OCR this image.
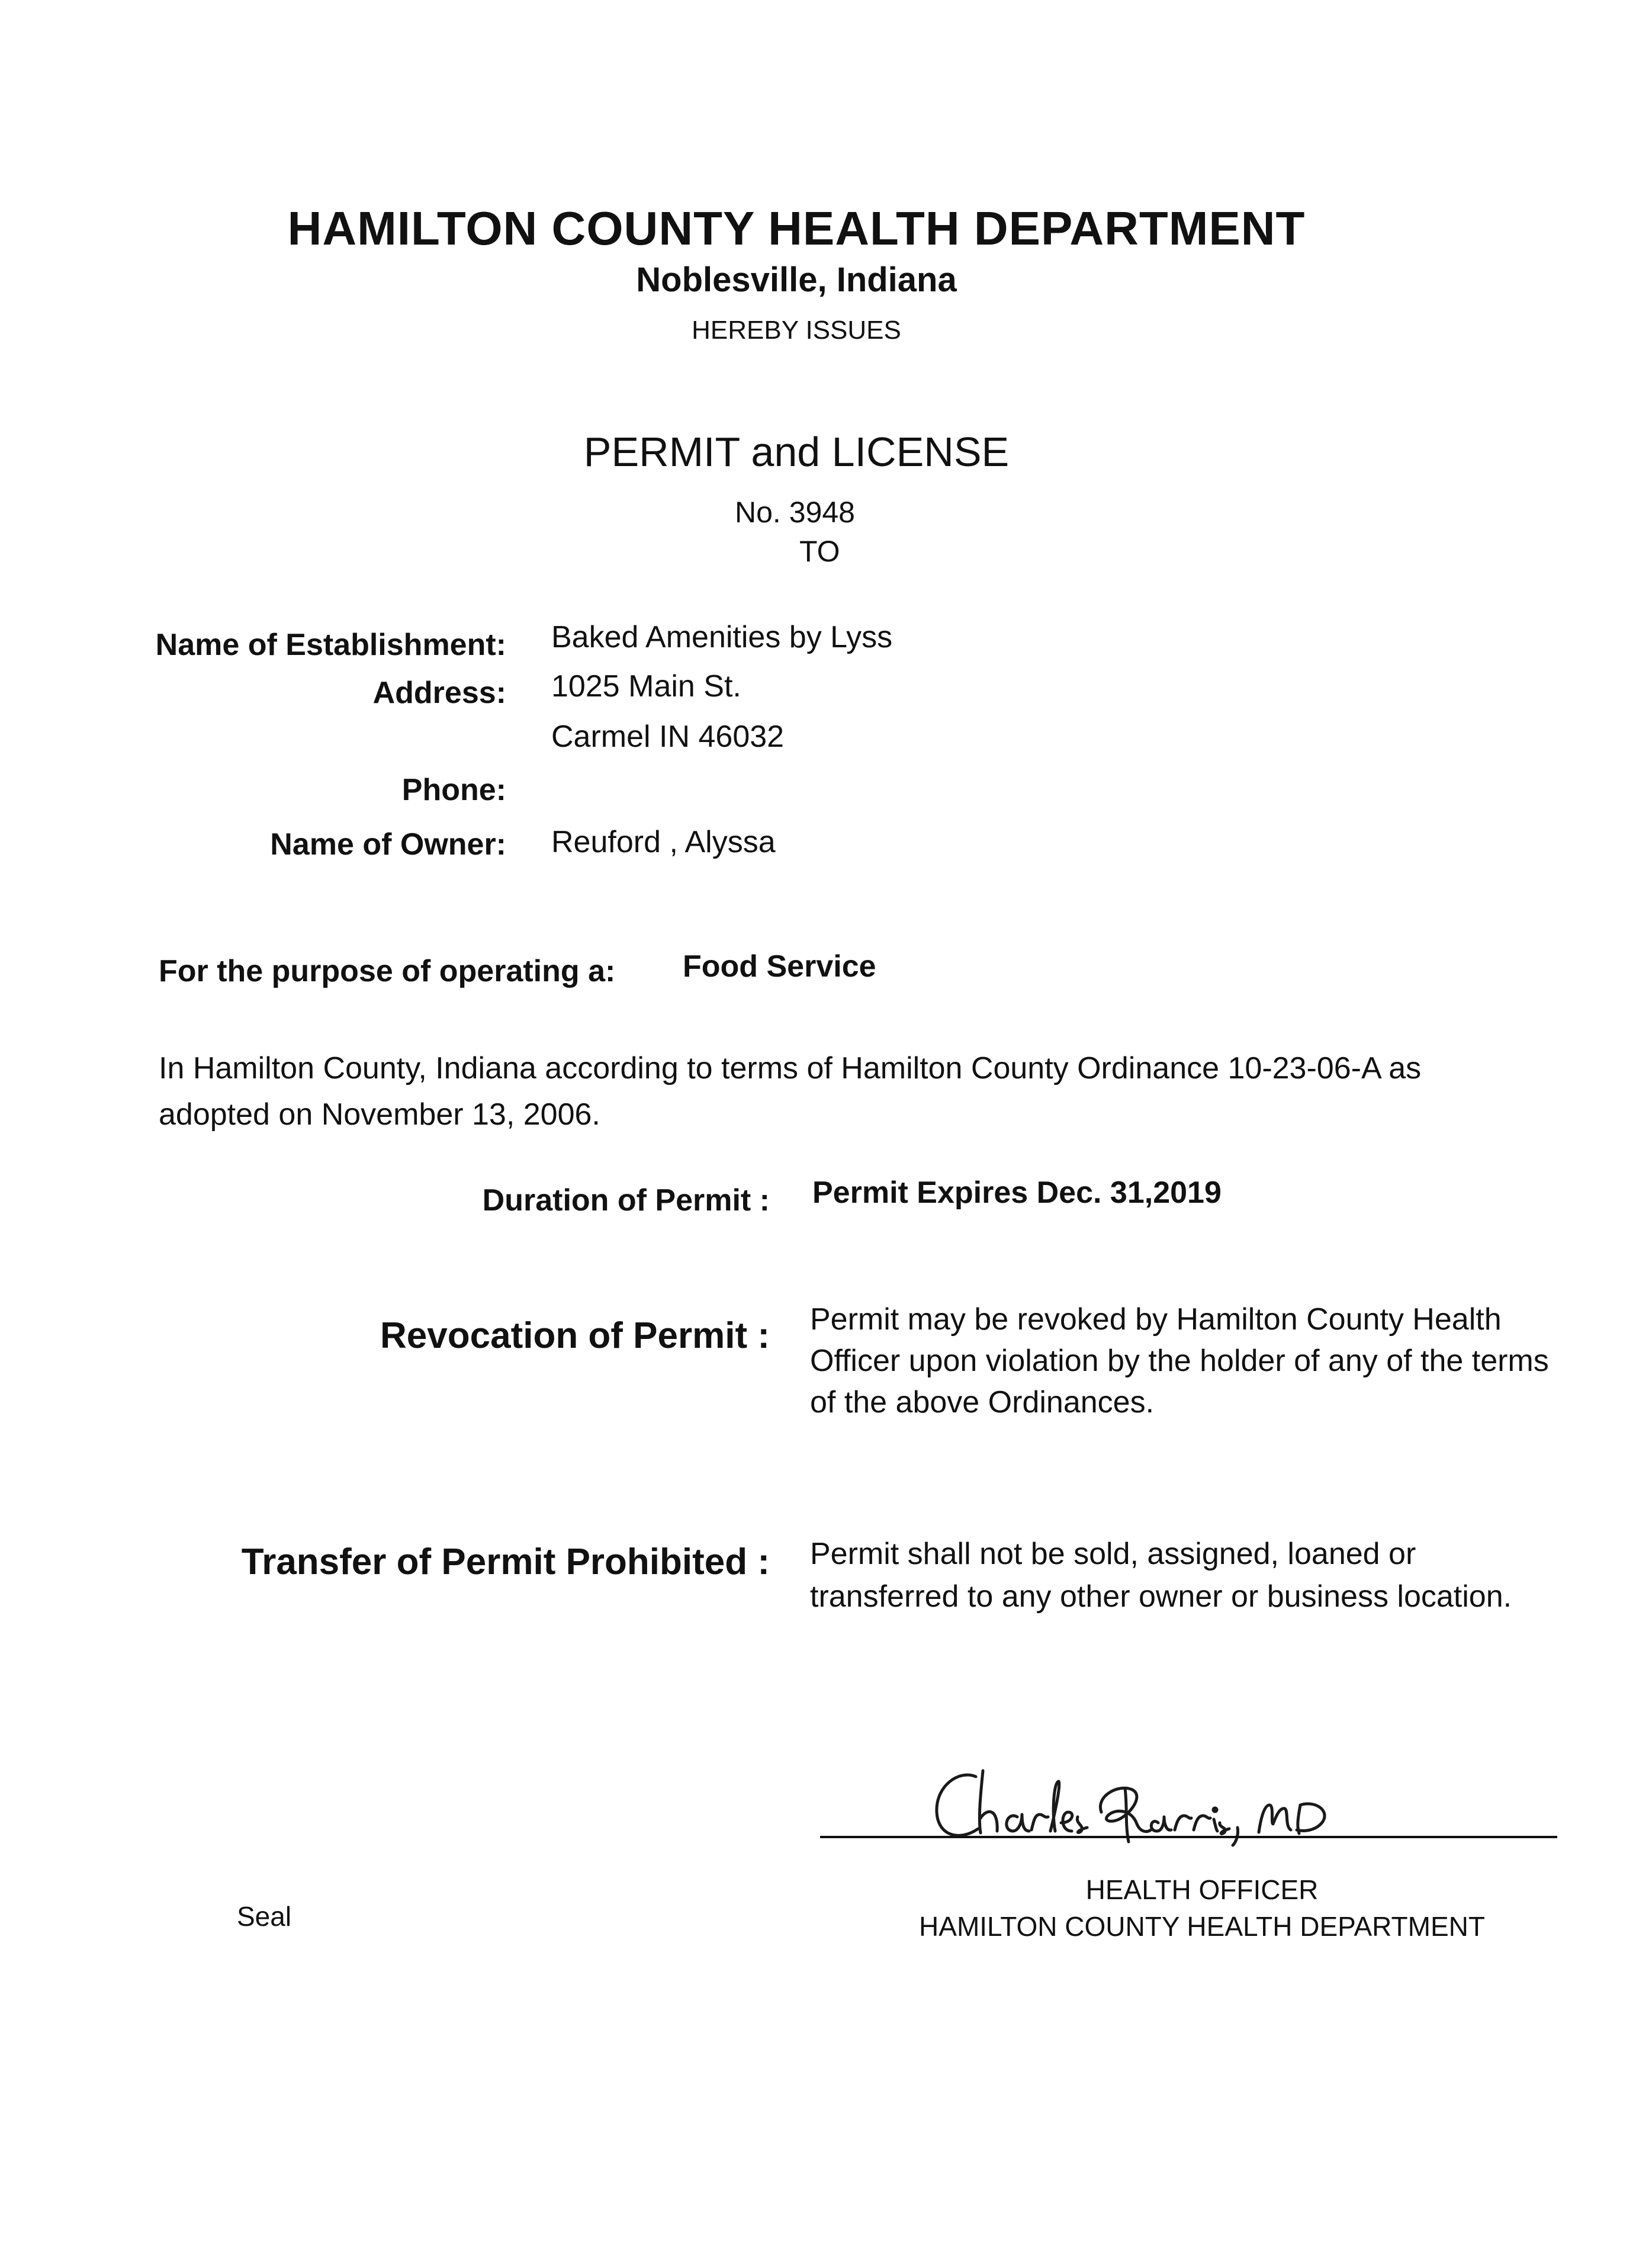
HAMILTON COUNTY HEALTH DEPARTMENT
Noblesville, Indiana
HEREBY ISSUES
PERMIT and LICENSE
No. 3948
TO
Name of Establishment: Baked Amenities by Lyss
Address: 1025 Main St.
Carmel IN 46032
Phone:
Name of Owner: Reuford , Alyssa
For the purpose of operating a: Food Service
In Hamilton County, Indiana according to terms of Hamilton County Ordinance 10-23-06-A as adopted on November 13, 2006.
Duration of Permit : Permit Expires Dec. 31,2019
Revocation of Permit : Permit may be revoked by Hamilton County Health Officer upon violation by the holder of any of the terms of the above Ordinances.
Transfer of Permit Prohibited : Permit shall not be sold, assigned, loaned or transferred to any other owner or business location.
HEALTH OFFICER
HAMILTON COUNTY HEALTH DEPARTMENT
Seal
